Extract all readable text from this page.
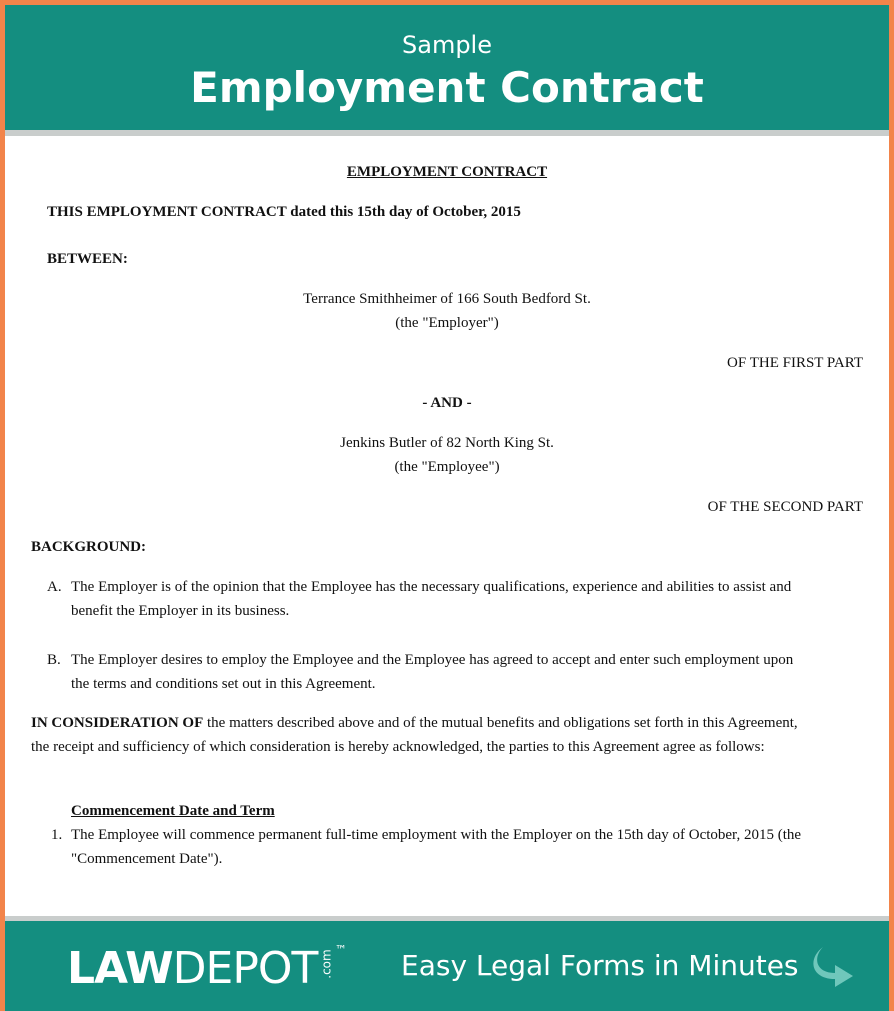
Sample
Employment Contract
EMPLOYMENT CONTRACT
THIS EMPLOYMENT CONTRACT dated this 15th day of October, 2015
BETWEEN:
Terrance Smithheimer of 166 South Bedford St.
(the "Employer")
OF THE FIRST PART
- AND -
Jenkins Butler of 82 North King St.
(the "Employee")
OF THE SECOND PART
BACKGROUND:
A. The Employer is of the opinion that the Employee has the necessary qualifications, experience and abilities to assist and
benefit the Employer in its business.
B. The Employer desires to employ the Employee and the Employee has agreed to accept and enter such employment upon
the terms and conditions set out in this Agreement.
IN CONSIDERATION OF the matters described above and of the mutual benefits and obligations set forth in this Agreement,
the receipt and sufficiency of which consideration is hereby acknowledged, the parties to this Agreement agree as follows:
Commencement Date and Term
1. The Employee will commence permanent full-time employment with the Employer on the 15th day of October, 2015 (the
"Commencement Date").
LAWDEPOT .com ™ Easy Legal Forms in Minutes
